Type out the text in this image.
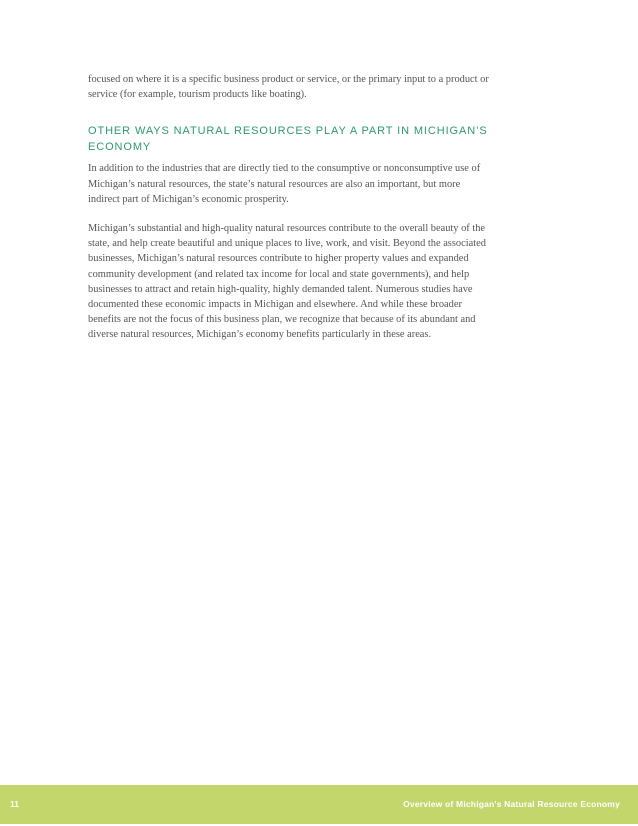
focused on where it is a specific business product or service, or the primary input to a product or
service (for example, tourism products like boating).

OTHER WAYS NATURAL RESOURCES PLAY A PART IN MICHIGAN’S
ECONOMY

In addition to the industries that are directly tied to the consumptive or nonconsumptive use of
Michigan’s natural resources, the state’s natural resources are also an important, but more
indirect part of Michigan’s economic prosperity.

Michigan’s substantial and high-quality natural resources contribute to the overall beauty of the
state, and help create beautiful and unique places to live, work, and visit. Beyond the associated
businesses, Michigan’s natural resources contribute to higher property values and expanded
community development (and related tax income for local and state governments), and help
businesses to attract and retain high-quality, highly demanded talent. Numerous studies have
documented these economic impacts in Michigan and elsewhere. And while these broader
benefits are not the focus of this business plan, we recognize that because of its abundant and
diverse natural resources, Michigan’s economy benefits particularly in these areas.

11	Overview of Michigan's Natural Resource Economy
